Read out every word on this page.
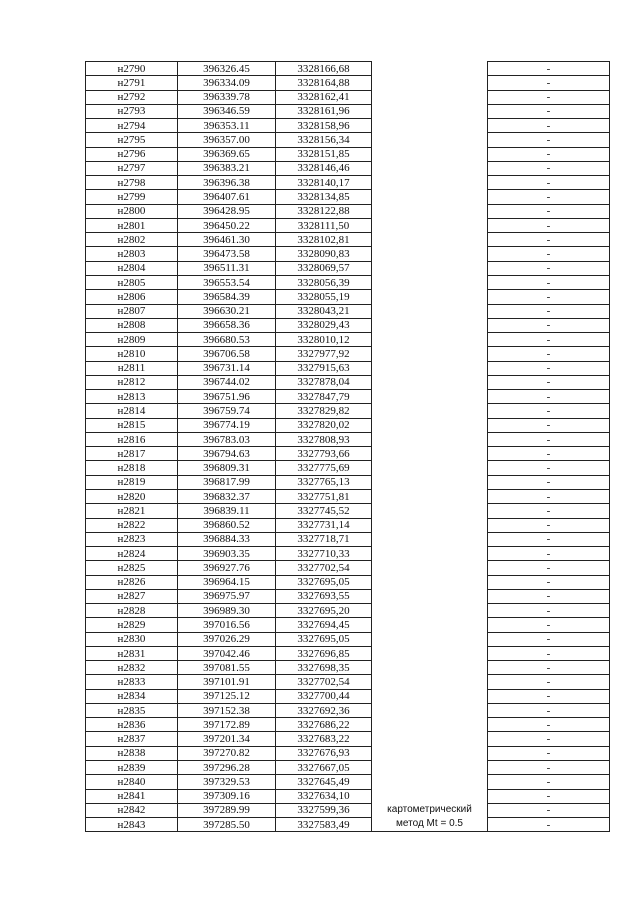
н2790	396326.45	3328166,68		-
н2791	396334.09	3328164,88		-
н2792	396339.78	3328162,41		-
н2793	396346.59	3328161,96		-
н2794	396353.11	3328158,96		-
н2795	396357.00	3328156,34		-
н2796	396369.65	3328151,85		-
н2797	396383.21	3328146,46		-
н2798	396396.38	3328140,17		-
н2799	396407.61	3328134,85		-
н2800	396428.95	3328122,88		-
н2801	396450.22	3328111,50		-
н2802	396461.30	3328102,81		-
н2803	396473.58	3328090,83		-
н2804	396511.31	3328069,57		-
н2805	396553.54	3328056,39		-
н2806	396584.39	3328055,19		-
н2807	396630.21	3328043,21		-
н2808	396658.36	3328029,43		-
н2809	396680.53	3328010,12		-
н2810	396706.58	3327977,92		-
н2811	396731.14	3327915,63		-
н2812	396744.02	3327878,04		-
н2813	396751.96	3327847,79		-
н2814	396759.74	3327829,82		-
н2815	396774.19	3327820,02		-
н2816	396783.03	3327808,93		-
н2817	396794.63	3327793,66		-
н2818	396809.31	3327775,69		-
н2819	396817.99	3327765,13		-
н2820	396832.37	3327751,81		-
н2821	396839.11	3327745,52		-
н2822	396860.52	3327731,14		-
н2823	396884.33	3327718,71		-
н2824	396903.35	3327710,33		-
н2825	396927.76	3327702,54		-
н2826	396964.15	3327695,05		-
н2827	396975.97	3327693,55		-
н2828	396989.30	3327695,20		-
н2829	397016.56	3327694,45		-
н2830	397026.29	3327695,05		-
н2831	397042.46	3327696,85		-
н2832	397081.55	3327698,35		-
н2833	397101.91	3327702,54		-
н2834	397125.12	3327700,44		-
н2835	397152.38	3327692,36		-
н2836	397172.89	3327686,22		-
н2837	397201.34	3327683,22		-
н2838	397270.82	3327676,93		-
н2839	397296.28	3327667,05		-
н2840	397329.53	3327645,49		-
н2841	397309.16	3327634,10		-
н2842	397289.99	3327599,36	картометрический	-
н2843	397285.50	3327583,49	метод Mt = 0.5	-
